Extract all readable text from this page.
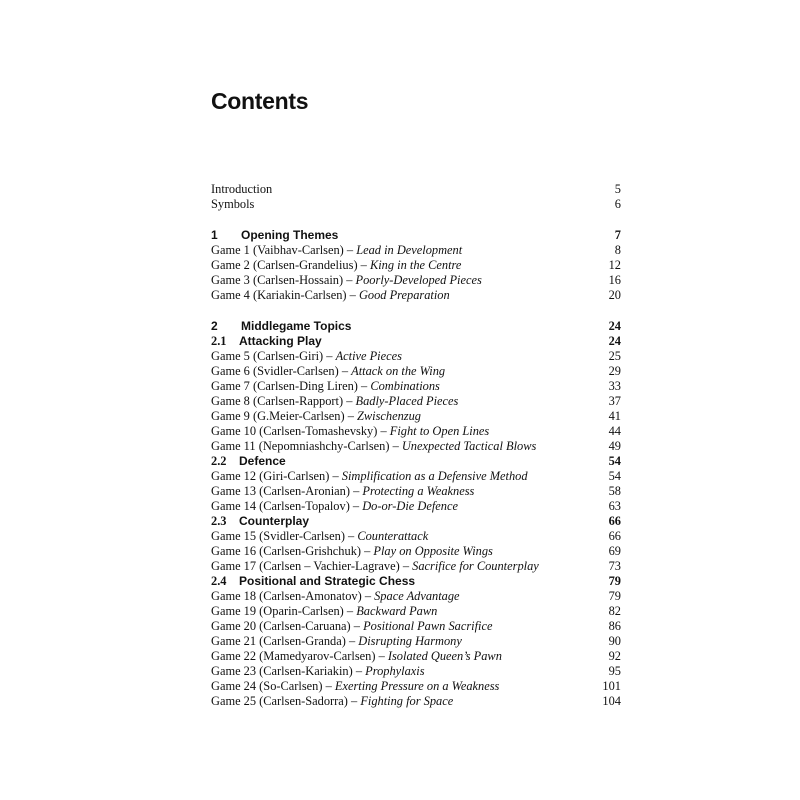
Contents
Introduction	5
Symbols	6
1 Opening Themes	7
Game 1 (Vaibhav-Carlsen) – Lead in Development	8
Game 2 (Carlsen-Grandelius) – King in the Centre	12
Game 3 (Carlsen-Hossain) – Poorly-Developed Pieces	16
Game 4 (Kariakin-Carlsen) – Good Preparation	20
2 Middlegame Topics	24
2.1 Attacking Play	24
Game 5 (Carlsen-Giri) – Active Pieces	25
Game 6 (Svidler-Carlsen) – Attack on the Wing	29
Game 7 (Carlsen-Ding Liren) – Combinations	33
Game 8 (Carlsen-Rapport) – Badly-Placed Pieces	37
Game 9 (G.Meier-Carlsen) – Zwischenzug	41
Game 10 (Carlsen-Tomashevsky) – Fight to Open Lines	44
Game 11 (Nepomniashchy-Carlsen) – Unexpected Tactical Blows	49
2.2 Defence	54
Game 12 (Giri-Carlsen) – Simplification as a Defensive Method	54
Game 13 (Carlsen-Aronian) – Protecting a Weakness	58
Game 14 (Carlsen-Topalov) – Do-or-Die Defence	63
2.3 Counterplay	66
Game 15 (Svidler-Carlsen) – Counterattack	66
Game 16 (Carlsen-Grishchuk) – Play on Opposite Wings	69
Game 17 (Carlsen – Vachier-Lagrave) – Sacrifice for Counterplay	73
2.4 Positional and Strategic Chess	79
Game 18 (Carlsen-Amonatov) – Space Advantage	79
Game 19 (Oparin-Carlsen) – Backward Pawn	82
Game 20 (Carlsen-Caruana) – Positional Pawn Sacrifice	86
Game 21 (Carlsen-Granda) – Disrupting Harmony	90
Game 22 (Mamedyarov-Carlsen) – Isolated Queen’s Pawn	92
Game 23 (Carlsen-Kariakin) – Prophylaxis	95
Game 24 (So-Carlsen) – Exerting Pressure on a Weakness	101
Game 25 (Carlsen-Sadorra) – Fighting for Space	104
